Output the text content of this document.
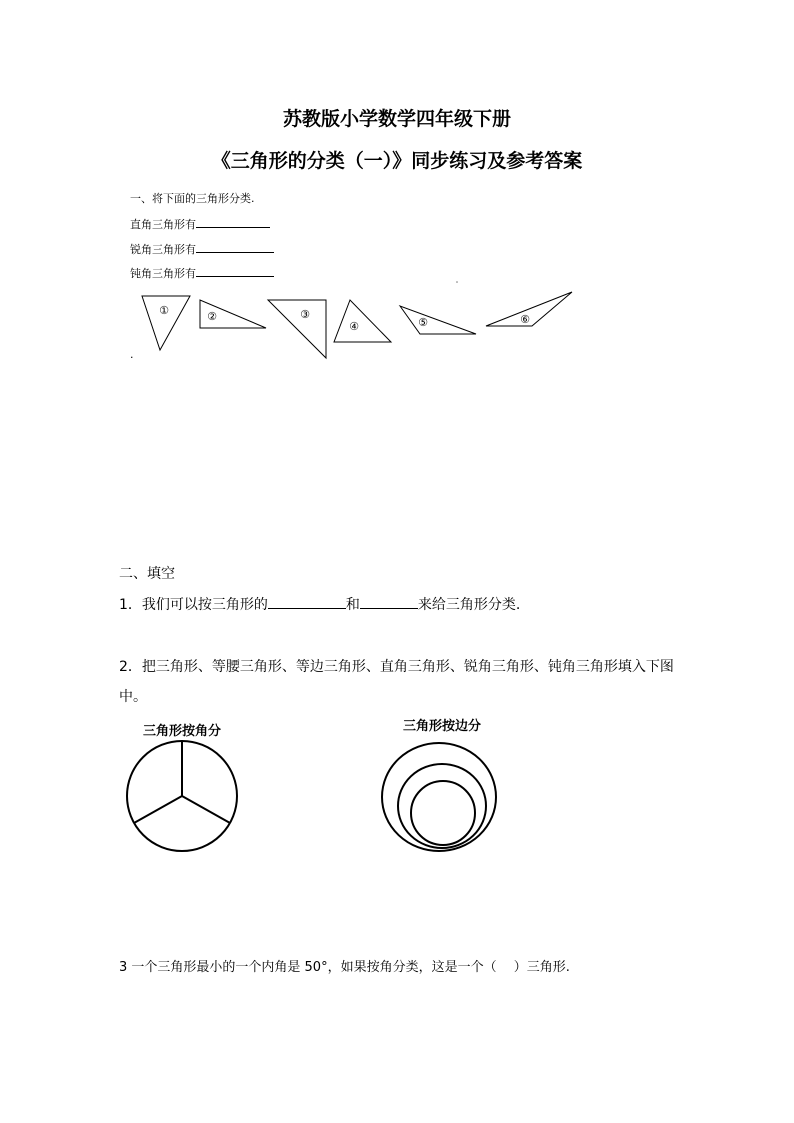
苏教版小学数学四年级下册
《三角形的分类（一）》同步练习及参考答案
一、将下面的三角形分类.
直角三角形有
锐角三角形有
钝角三角形有
①	②	③
④	⑤	⑥
.
二、填空
1．我们可以按三角形的	和	来给三角形分类.
2．把三角形、等腰三角形、等边三角形、直角三角形、锐角三角形、钝角三角形填入下图
中。
三角形按角分	三角形按边分
3 一个三角形最小的一个内角是 50°，如果按角分类，这是一个（　 ）三角形.
